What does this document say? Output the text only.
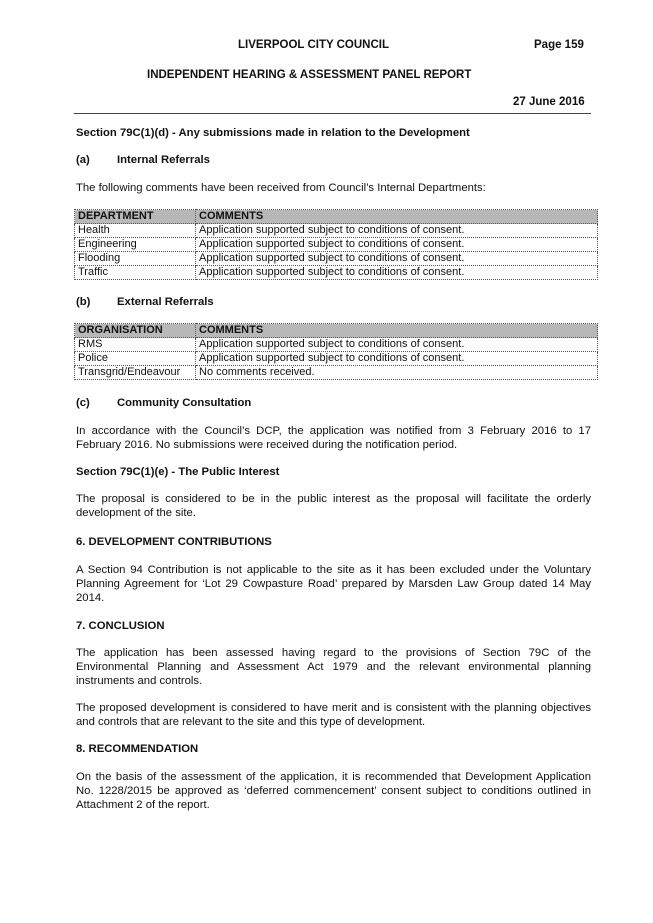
LIVERPOOL CITY COUNCIL	Page 159
INDEPENDENT HEARING & ASSESSMENT PANEL REPORT
27 June 2016
Section 79C(1)(d) - Any submissions made in relation to the Development
(a) Internal Referrals
The following comments have been received from Council’s Internal Departments:
DEPARTMENT	COMMENTS
Health	Application supported subject to conditions of consent.
Engineering	Application supported subject to conditions of consent.
Flooding	Application supported subject to conditions of consent.
Traffic	Application supported subject to conditions of consent.
(b) External Referrals
ORGANISATION	COMMENTS
RMS	Application supported subject to conditions of consent.
Police	Application supported subject to conditions of consent.
Transgrid/Endeavour	No comments received.
(c) Community Consultation
In accordance with the Council’s DCP, the application was notified from 3 February 2016 to 17 February 2016. No submissions were received during the notification period.
Section 79C(1)(e) - The Public Interest
The proposal is considered to be in the public interest as the proposal will facilitate the orderly development of the site.
6. DEVELOPMENT CONTRIBUTIONS
A Section 94 Contribution is not applicable to the site as it has been excluded under the Voluntary Planning Agreement for ‘Lot 29 Cowpasture Road’ prepared by Marsden Law Group dated 14 May 2014.
7. CONCLUSION
The application has been assessed having regard to the provisions of Section 79C of the Environmental Planning and Assessment Act 1979 and the relevant environmental planning instruments and controls.
The proposed development is considered to have merit and is consistent with the planning objectives and controls that are relevant to the site and this type of development.
8. RECOMMENDATION
On the basis of the assessment of the application, it is recommended that Development Application No. 1228/2015 be approved as ‘deferred commencement’ consent subject to conditions outlined in Attachment 2 of the report.
